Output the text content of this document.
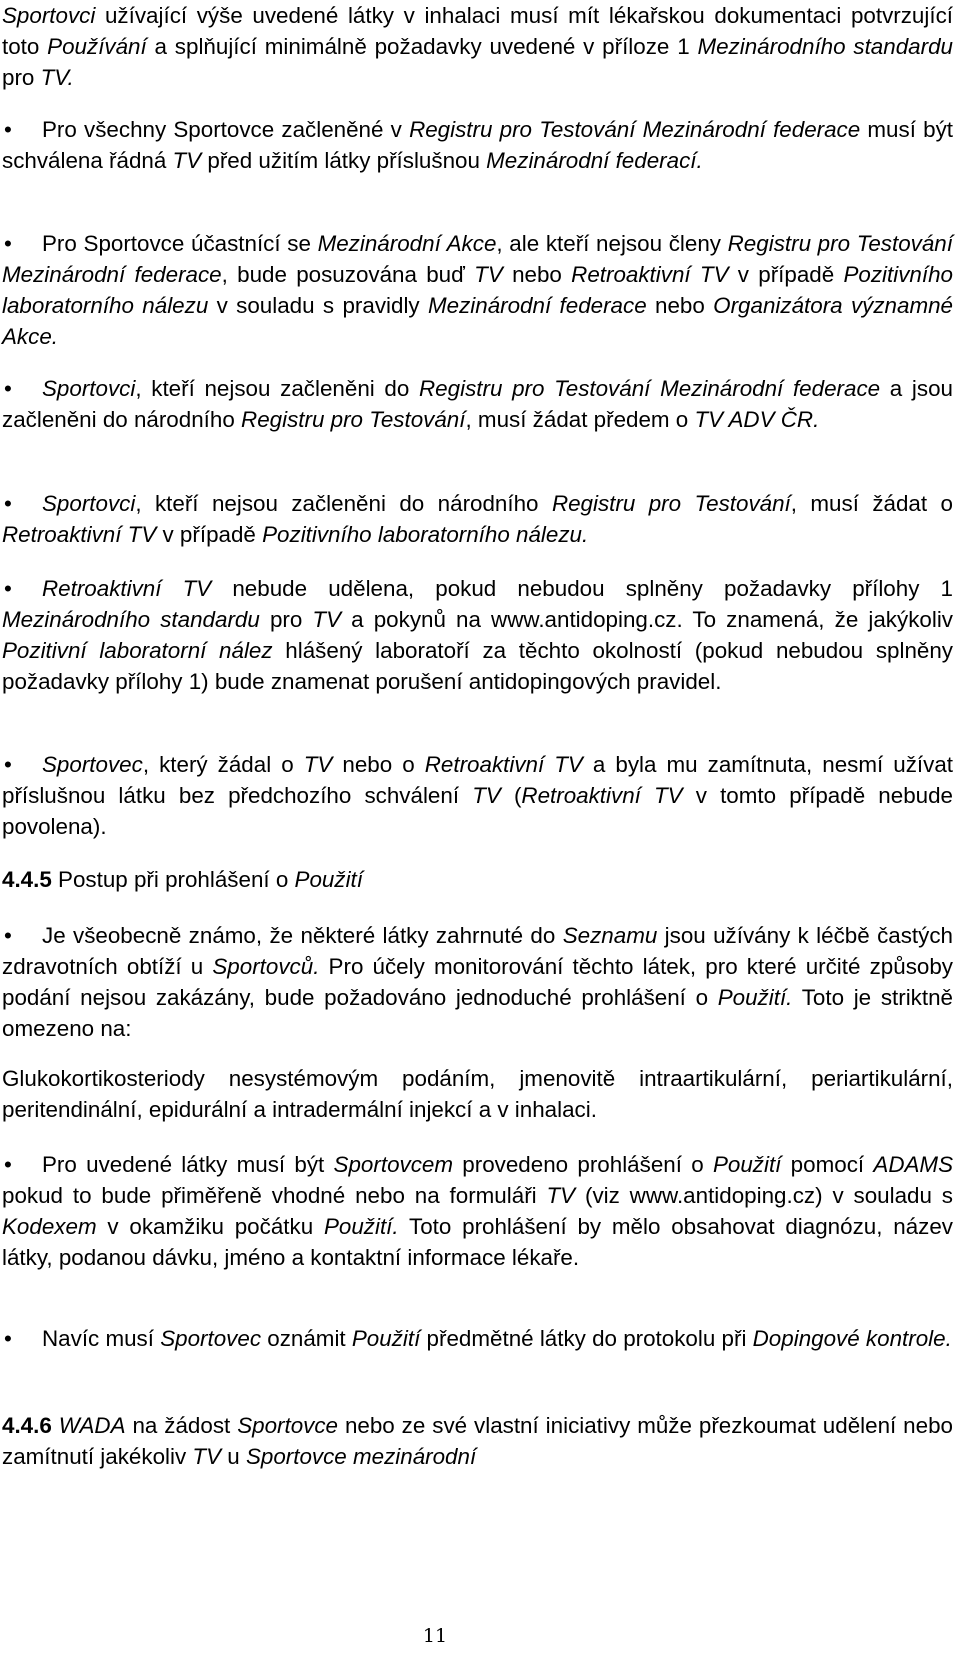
Sportovci užívající výše uvedené látky v inhalaci musí mít lékařskou dokumentaci potvrzující toto Používání a splňující minimálně požadavky uvedené v příloze 1 Mezinárodního standardu pro TV.

•Pro všechny Sportovce začleněné v Registru pro Testování Mezinárodní federace musí být schválena řádná TV před užitím látky příslušnou Mezinárodní federací.

•Pro Sportovce účastnící se Mezinárodní Akce, ale kteří nejsou členy Registru pro Testování Mezinárodní federace, bude posuzována buď TV nebo Retroaktivní TV v případě Pozitivního laboratorního nálezu v souladu s pravidly Mezinárodní federace nebo Organizátora významné Akce.

•Sportovci, kteří nejsou začleněni do Registru pro Testování Mezinárodní federace a jsou začleněni do národního Registru pro Testování, musí žádat předem o TV ADV ČR.

•Sportovci, kteří nejsou začleněni do národního Registru pro Testování, musí žádat o Retroaktivní TV v případě Pozitivního laboratorního nálezu.

•Retroaktivní TV nebude udělena, pokud nebudou splněny požadavky přílohy 1 Mezinárodního standardu pro TV a pokynů na www.antidoping.cz. To znamená, že jakýkoliv Pozitivní laboratorní nález hlášený laboratoří za těchto okolností (pokud nebudou splněny požadavky přílohy 1) bude znamenat porušení antidopingových pravidel.

•Sportovec, který žádal o TV nebo o Retroaktivní TV a byla mu zamítnuta, nesmí užívat příslušnou látku bez předchozího schválení TV (Retroaktivní TV v tomto případě nebude povolena).

4.4.5 Postup při prohlášení o Použití

•Je všeobecně známo, že některé látky zahrnuté do Seznamu jsou užívány k léčbě častých zdravotních obtíží u Sportovců. Pro účely monitorování těchto látek, pro které určité způsoby podání nejsou zakázány, bude požadováno jednoduché prohlášení o Použití. Toto je striktně omezeno na:

Glukokortikosteriody nesystémovým podáním, jmenovitě intraartikulární, periartikulární, peritendinální, epidurální a intradermální injekcí a v inhalaci.

•Pro uvedené látky musí být Sportovcem provedeno prohlášení o Použití pomocí ADAMS pokud to bude přiměřeně vhodné nebo na formuláři TV (viz www.antidoping.cz) v souladu s Kodexem v okamžiku počátku Použití. Toto prohlášení by mělo obsahovat diagnózu, název látky, podanou dávku, jméno a kontaktní informace lékaře.

•Navíc musí Sportovec oznámit Použití předmětné látky do protokolu při Dopingové kontrole.

4.4.6 WADA na žádost Sportovce nebo ze své vlastní iniciativy může přezkoumat udělení nebo zamítnutí jakékoliv TV u Sportovce mezinárodní

11
